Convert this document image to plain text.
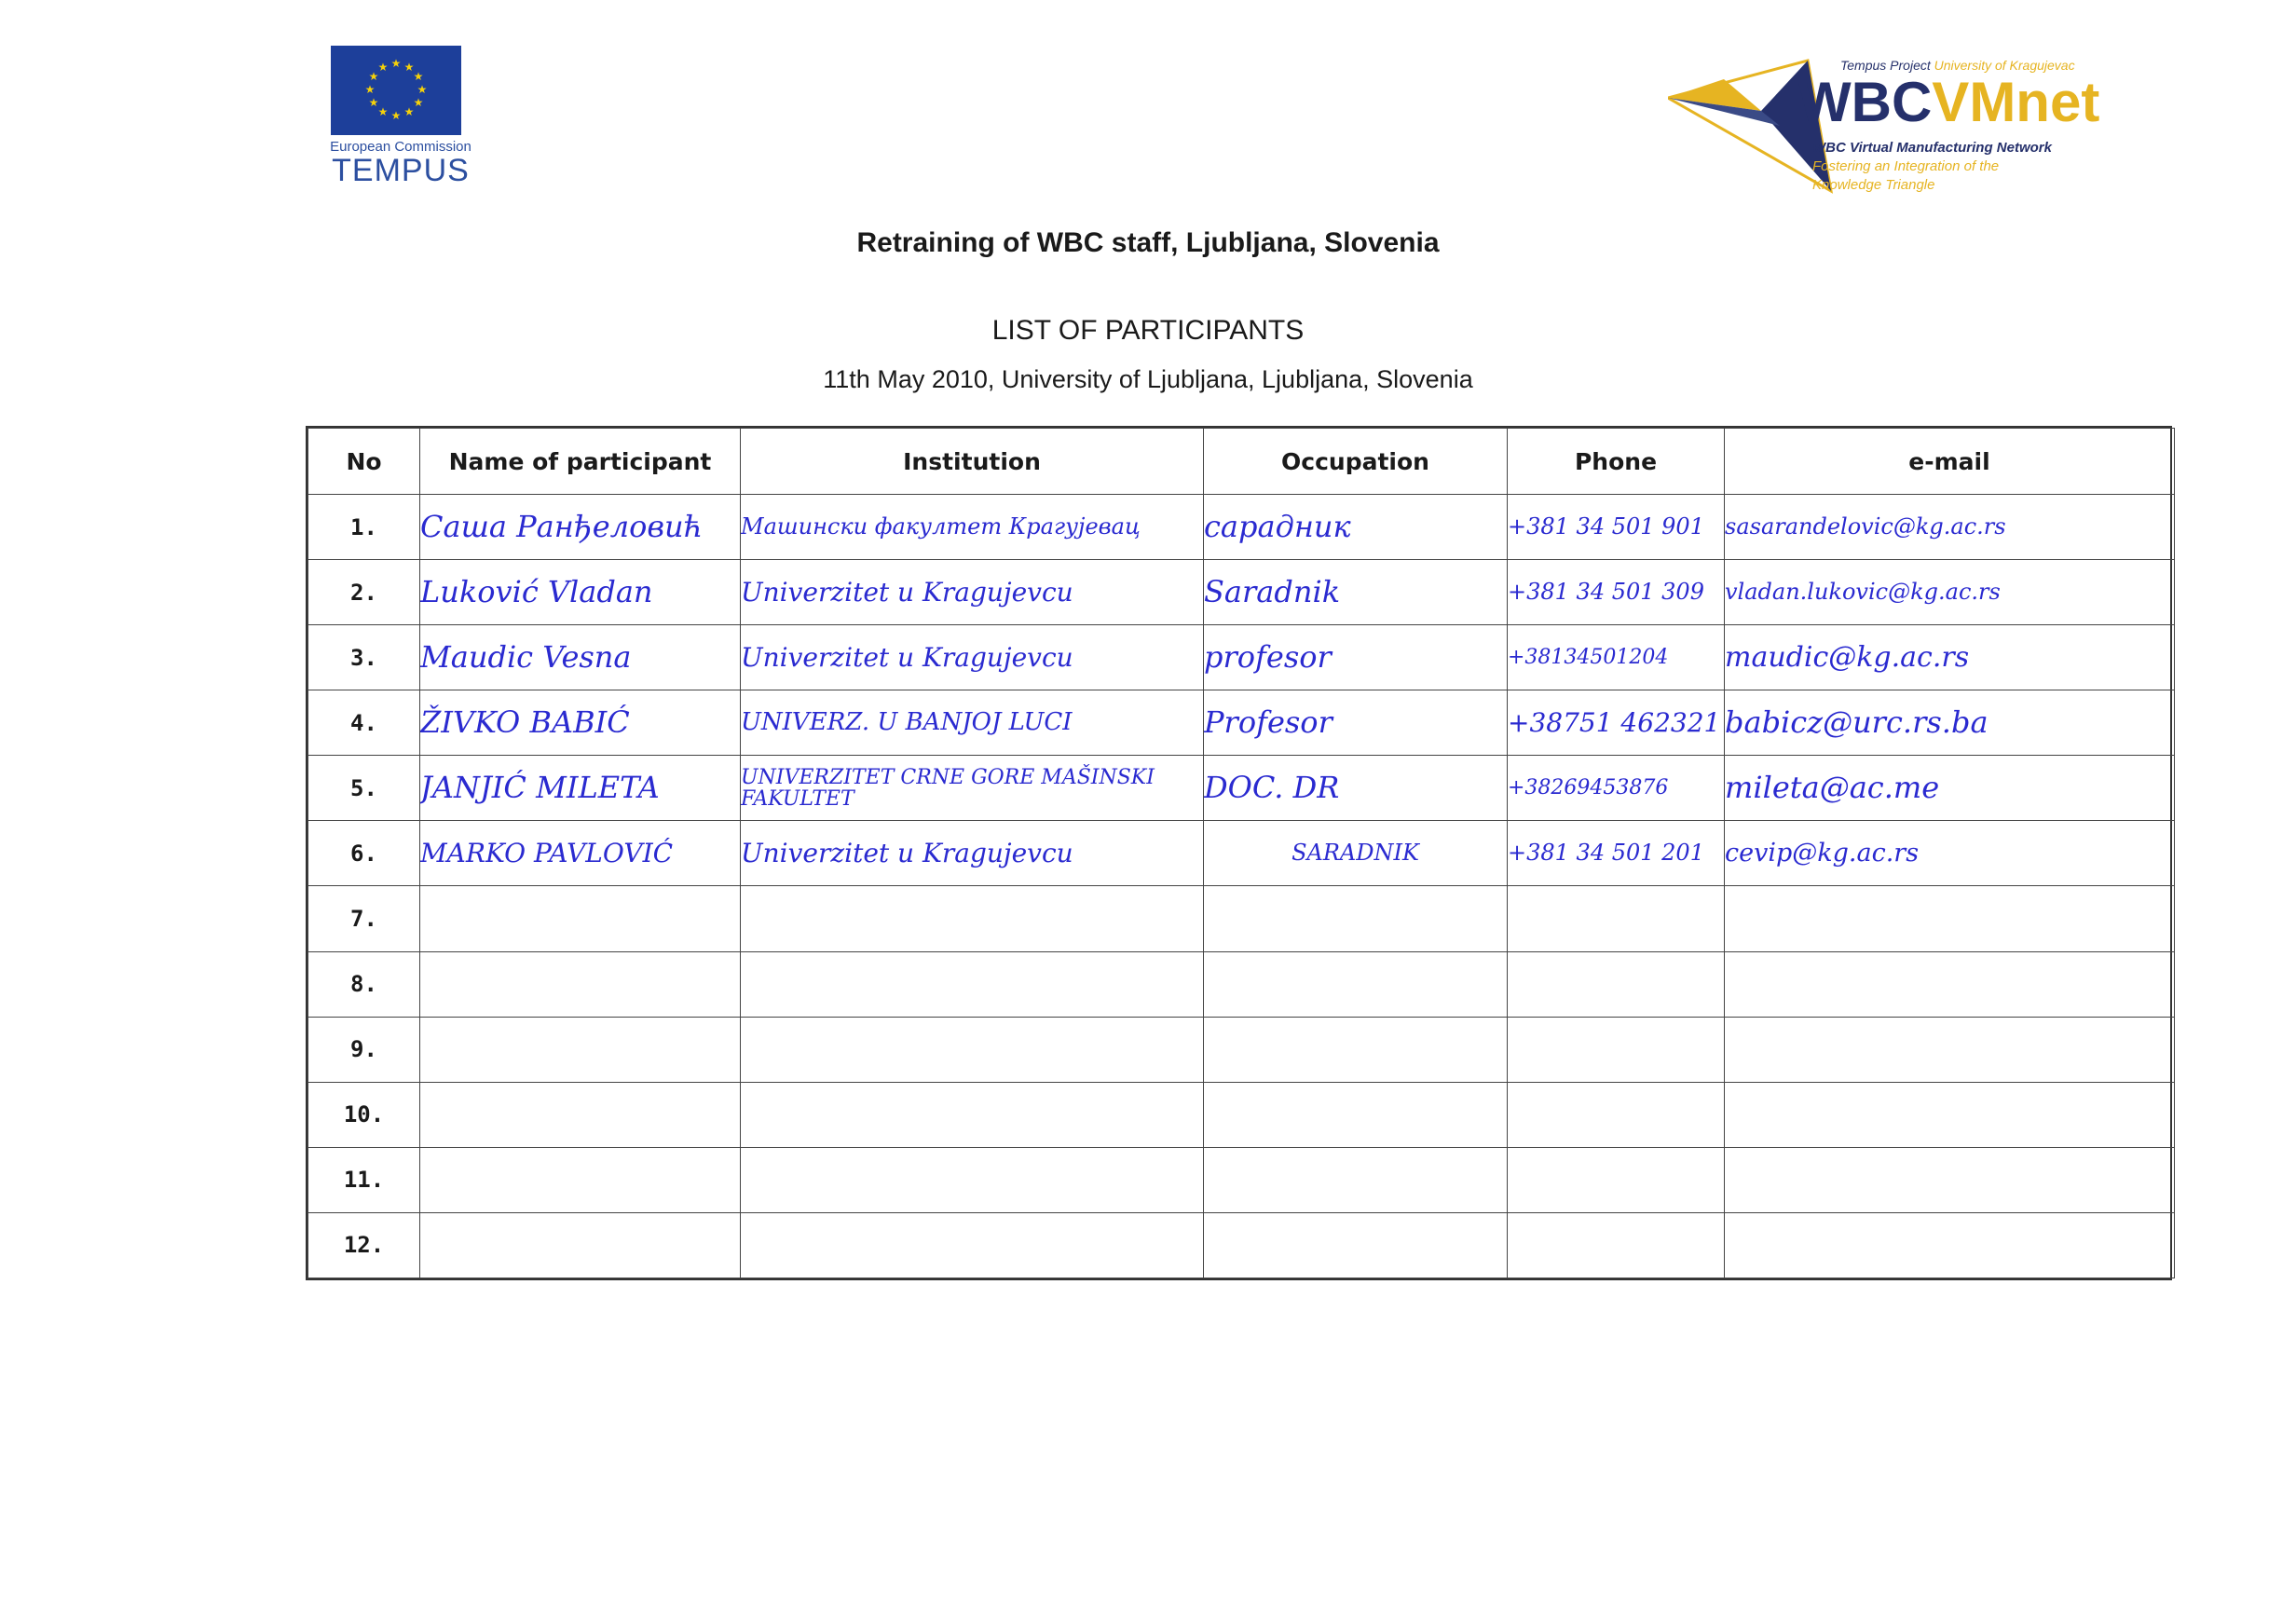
★ ★
★
★
★
★
★
★
★
★
★
★
European Commission
TEMPUS
Tempus Project University of Kragujevac
WBCVMnet
WBC Virtual Manufacturing Network
Fostering an Integration of the
Knowledge Triangle
Retraining of WBC staff, Ljubljana, Slovenia
LIST OF PARTICIPANTS
11th May 2010, University of Ljubljana, Ljubljana, Slovenia
No	Name of participant	Institution	Occupation	Phone	e-mail
1.	Саша Ранђеловић	Машински факултет Крагујевац	сарадник	+381 34 501 901	sasarandelovic@kg.ac.rs
2.	Luković Vladan	Univerzitet u Kragujevcu	Saradnik	+381 34 501 309	vladan.lukovic@kg.ac.rs
3.	Maudic Vesna	Univerzitet u Kragujevcu	profesor	+38134501204	maudic@kg.ac.rs
4.	ŽIVKO BABIĆ	UNIVERZ. U BANJOJ LUCI	Profesor	+38751 462321	babicz@urc.rs.ba
5.	JANJIĆ MILETA	UNIVERZITET CRNE GORE MAŠINSKI FAKULTET	DOC. DR	+38269453876	mileta@ac.me
6.	MARKO PAVLOVIĆ	Univerzitet u Kragujevcu	SARADNIK	+381 34 501 201	cevip@kg.ac.rs
7.					
8.					
9.					
10.					
11.					
12.					
